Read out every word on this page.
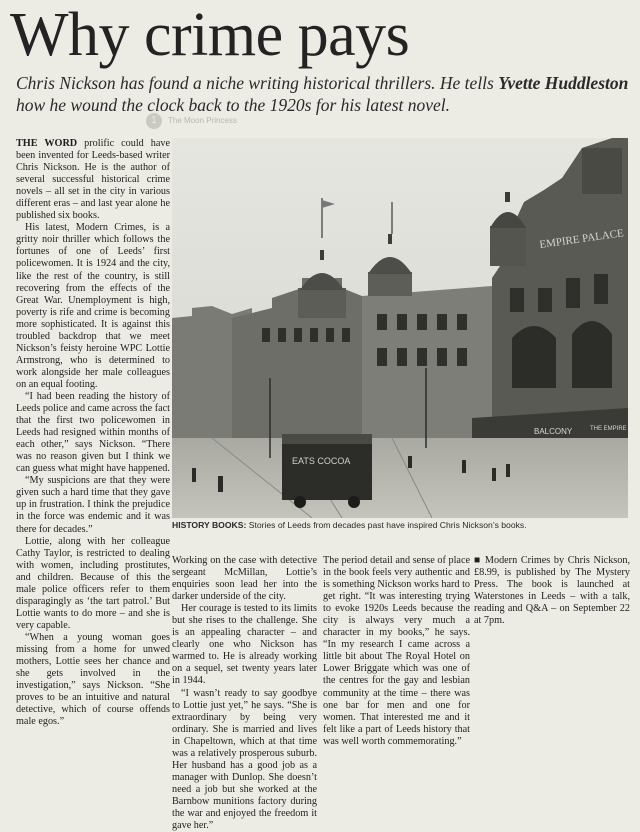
1	The Moon Princess
Why crime pays

Chris Nickson has found a niche writing historical thrillers. He tells Yvette Huddleston how he wound the clock back to the 1920s for his latest novel.

EMPIRE PALACE
BALCONY	THE EMPIRE
EATS COCOA
HISTORY BOOKS: Stories of Leeds from decades past have inspired Chris Nickson’s books.

THE WORD prolific could have been invented for Leeds-based writer Chris Nickson. He is the author of several successful historical crime novels – all set in the city in various different eras – and last year alone he published six books.

His latest, Modern Crimes, is a gritty noir thriller which follows the fortunes of one of Leeds’ first policewomen. It is 1924 and the city, like the rest of the country, is still recovering from the effects of the Great War. Unemployment is high, poverty is rife and crime is becoming more sophisticated. It is against this troubled backdrop that we meet Nickson’s feisty heroine WPC Lottie Armstrong, who is determined to work alongside her male colleagues on an equal footing.

“I had been reading the history of Leeds police and came across the fact that the first two policewomen in Leeds had resigned within months of each other,” says Nickson. “There was no reason given but I think we can guess what might have happened.

“My suspicions are that they were given such a hard time that they gave up in frustration. I think the prejudice in the force was endemic and it was there for decades.”

Lottie, along with her colleague Cathy Taylor, is restricted to dealing with women, including prostitutes, and children. Because of this the male police officers refer to them disparagingly as ‘the tart patrol.’ But Lottie wants to do more – and she is very capable.

“When a young woman goes missing from a home for unwed mothers, Lottie sees her chance and she gets involved in the investigation,” says Nickson. “She proves to be an intuitive and natural detective, which of course offends male egos.”

Working on the case with detective sergeant McMillan, Lottie’s enquiries soon lead her into the darker underside of the city.

Her courage is tested to its limits but she rises to the challenge. She is an appealing character – and clearly one who Nickson has warmed to. He is already working on a sequel, set twenty years later in 1944.

“I wasn’t ready to say goodbye to Lottie just yet,” he says. “She is extraordinary by being very ordinary. She is married and lives in Chapeltown, which at that time was a relatively prosperous suburb. Her husband has a good job as a manager with Dunlop. She doesn’t need a job but she worked at the Barnbow munitions factory during the war and enjoyed the freedom it gave her.”

The period detail and sense of place in the book feels very authentic and is something Nickson works hard to get right. “It was interesting trying to evoke 1920s Leeds because the city is always very much a character in my books,” he says. “In my research I came across a little bit about The Royal Hotel on Lower Briggate which was one of the centres for the gay and lesbian community at the time – there was one bar for men and one for women. That interested me and it felt like a part of Leeds history that was well worth commemorating.”

■ Modern Crimes by Chris Nickson, £8.99, is published by The Mystery Press. The book is launched at Waterstones in Leeds – with a talk, reading and Q&A – on September 22 at 7pm.
